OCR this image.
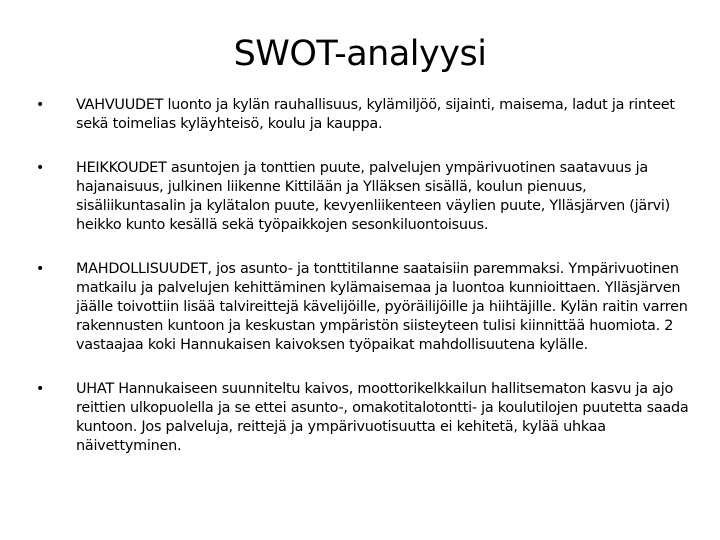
SWOT-analyysi
•	VAHVUUDET luonto ja kylän rauhallisuus, kylämiljöö, sijainti, maisema, ladut ja rinteet sekä toimelias kyläyhteisö, koulu ja kauppa.
•	HEIKKOUDET asuntojen ja tonttien puute, palvelujen ympärivuotinen saatavuus ja hajanaisuus, julkinen liikenne Kittilään ja Ylläksen sisällä, koulun pienuus, sisäliikuntasalin ja kylätalon puute, kevyenliikenteen väylien puute, Ylläsjärven (järvi) heikko kunto kesällä sekä työpaikkojen sesonkiluontoisuus.
•	MAHDOLLISUUDET, jos asunto- ja tonttitilanne saataisiin paremmaksi. Ympärivuotinen matkailu ja palvelujen kehittäminen kylämaisemaa ja luontoa kunnioittaen. Ylläsjärven jäälle toivottiin lisää talvireittejä kävelijöille, pyöräilijöille ja hiihtäjille. Kylän raitin varren rakennusten kuntoon ja keskustan ympäristön siisteyteen tulisi kiinnittää huomiota. 2 vastaajaa koki Hannukaisen kaivoksen työpaikat mahdollisuutena kylälle.
•	UHAT Hannukaiseen suunniteltu kaivos, moottorikelkkailun hallitsematon kasvu ja ajo reittien ulkopuolella ja se ettei asunto-, omakotitalotontti- ja koulutilojen puutetta saada kuntoon. Jos palveluja, reittejä ja ympärivuotisuutta ei kehitetä, kylää uhkaa näivettyminen.
